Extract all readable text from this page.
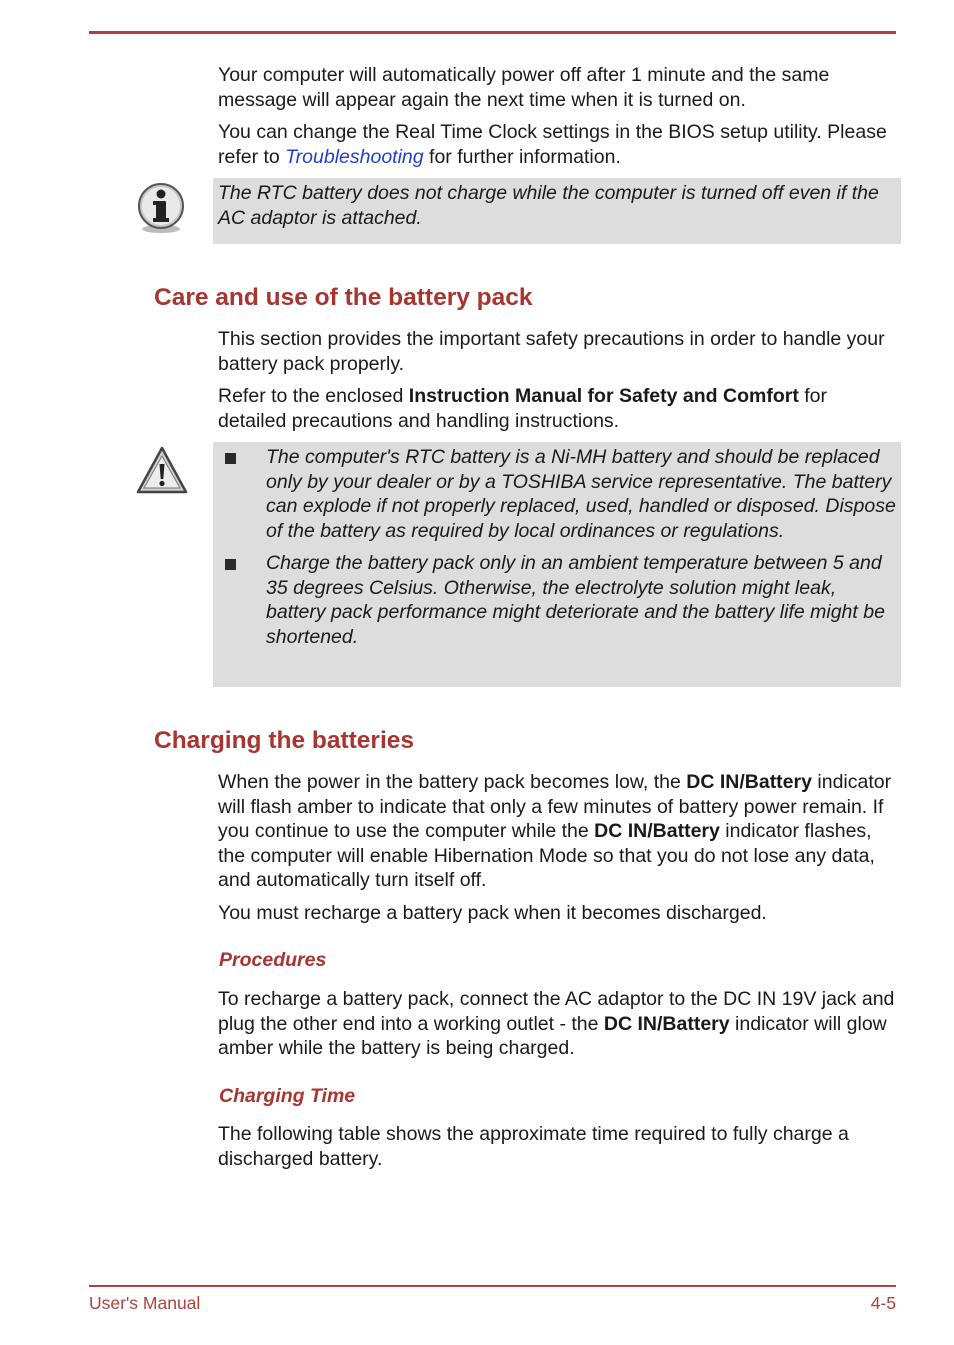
Your computer will automatically power off after 1 minute and the same message will appear again the next time when it is turned on.

You can change the Real Time Clock settings in the BIOS setup utility. Please refer to Troubleshooting for further information.

The RTC battery does not charge while the computer is turned off even if the AC adaptor is attached.
Care and use of the battery pack

This section provides the important safety precautions in order to handle your battery pack properly.

Refer to the enclosed Instruction Manual for Safety and Comfort for detailed precautions and handling instructions.

The computer's RTC battery is a Ni-MH battery and should be replaced only by your dealer or by a TOSHIBA service representative. The battery can explode if not properly replaced, used, handled or disposed. Dispose of the battery as required by local ordinances or regulations.
Charge the battery pack only in an ambient temperature between 5 and 35 degrees Celsius. Otherwise, the electrolyte solution might leak, battery pack performance might deteriorate and the battery life might be shortened.
Charging the batteries

When the power in the battery pack becomes low, the DC IN/Battery indicator will flash amber to indicate that only a few minutes of battery power remain. If you continue to use the computer while the DC IN/Battery indicator flashes, the computer will enable Hibernation Mode so that you do not lose any data, and automatically turn itself off.

You must recharge a battery pack when it becomes discharged.

Procedures

To recharge a battery pack, connect the AC adaptor to the DC IN 19V jack and plug the other end into a working outlet - the DC IN/Battery indicator will glow amber while the battery is being charged.

Charging Time

The following table shows the approximate time required to fully charge a discharged battery.

User's Manual	4-5
